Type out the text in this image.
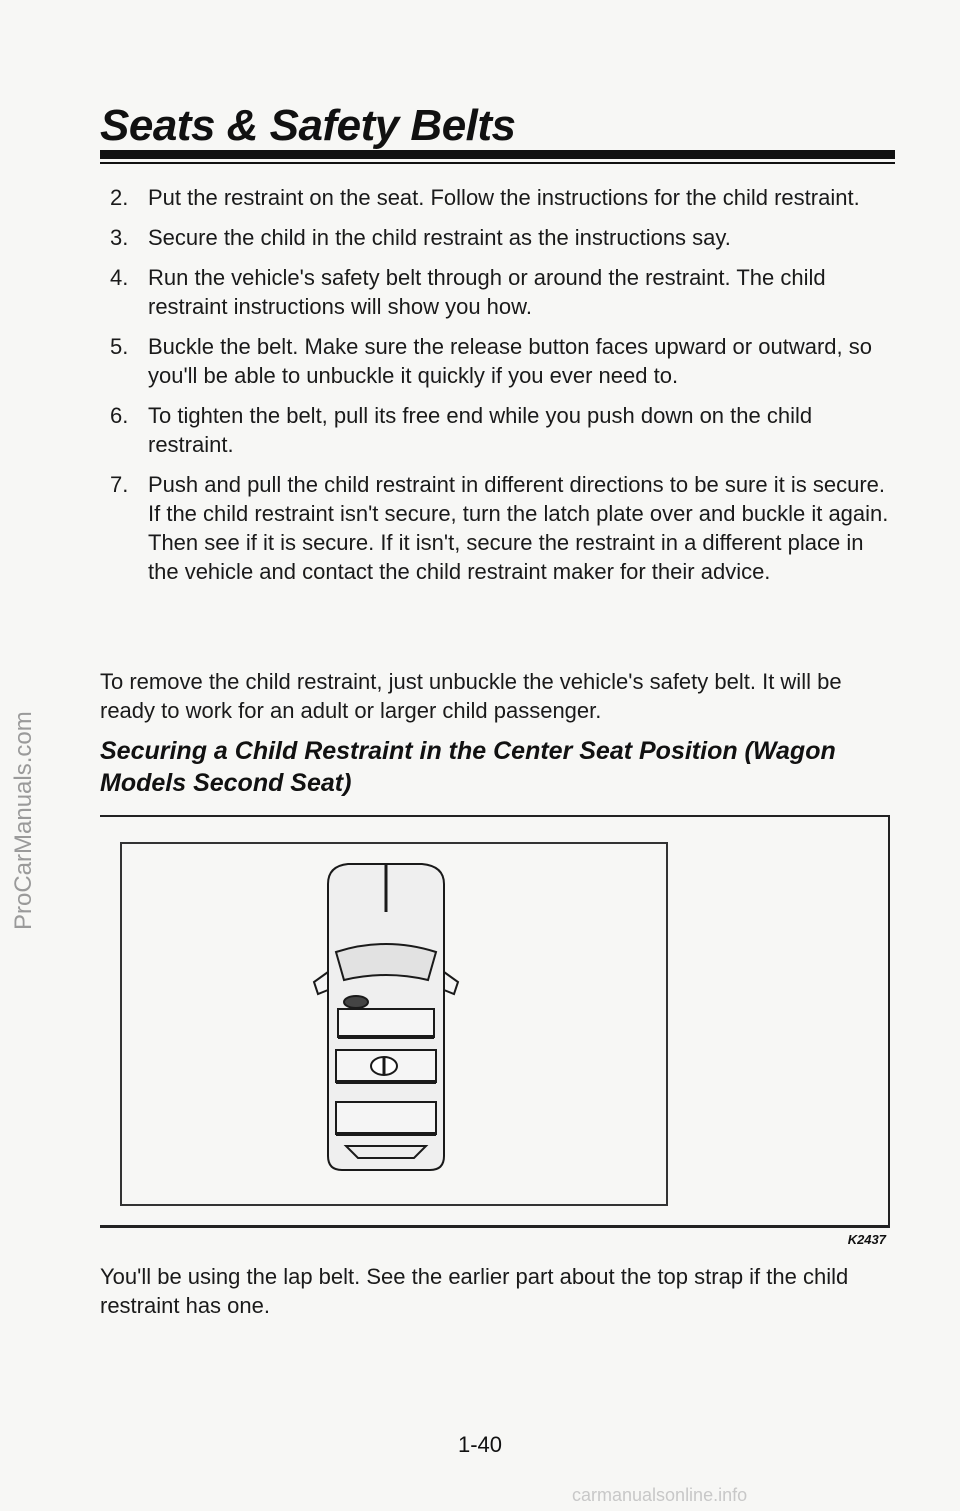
Seats & Safety Belts
2. Put the restraint on the seat. Follow the instructions for the child restraint.
3. Secure the child in the child restraint as the instructions say.
4. Run the vehicle's safety belt through or around the restraint. The child restraint instructions will show you how.
5. Buckle the belt. Make sure the release button faces upward or outward, so you'll be able to unbuckle it quickly if you ever need to.
6. To tighten the belt, pull its free end while you push down on the child restraint.
7. Push and pull the child restraint in different directions to be sure it is secure. If the child restraint isn't secure, turn the latch plate over and buckle it again. Then see if it is secure. If it isn't, secure the restraint in a different place in the vehicle and contact the child restraint maker for their advice.

To remove the child restraint, just unbuckle the vehicle's safety belt. It will be ready to work for an adult or larger child passenger.

Securing a Child Restraint in the Center Seat Position (Wagon Models Second Seat)
K2437

You'll be using the lap belt. See the earlier part about the top strap if the child restraint has one.

1-40
ProCarManuals.com
carmanualsonline.info
